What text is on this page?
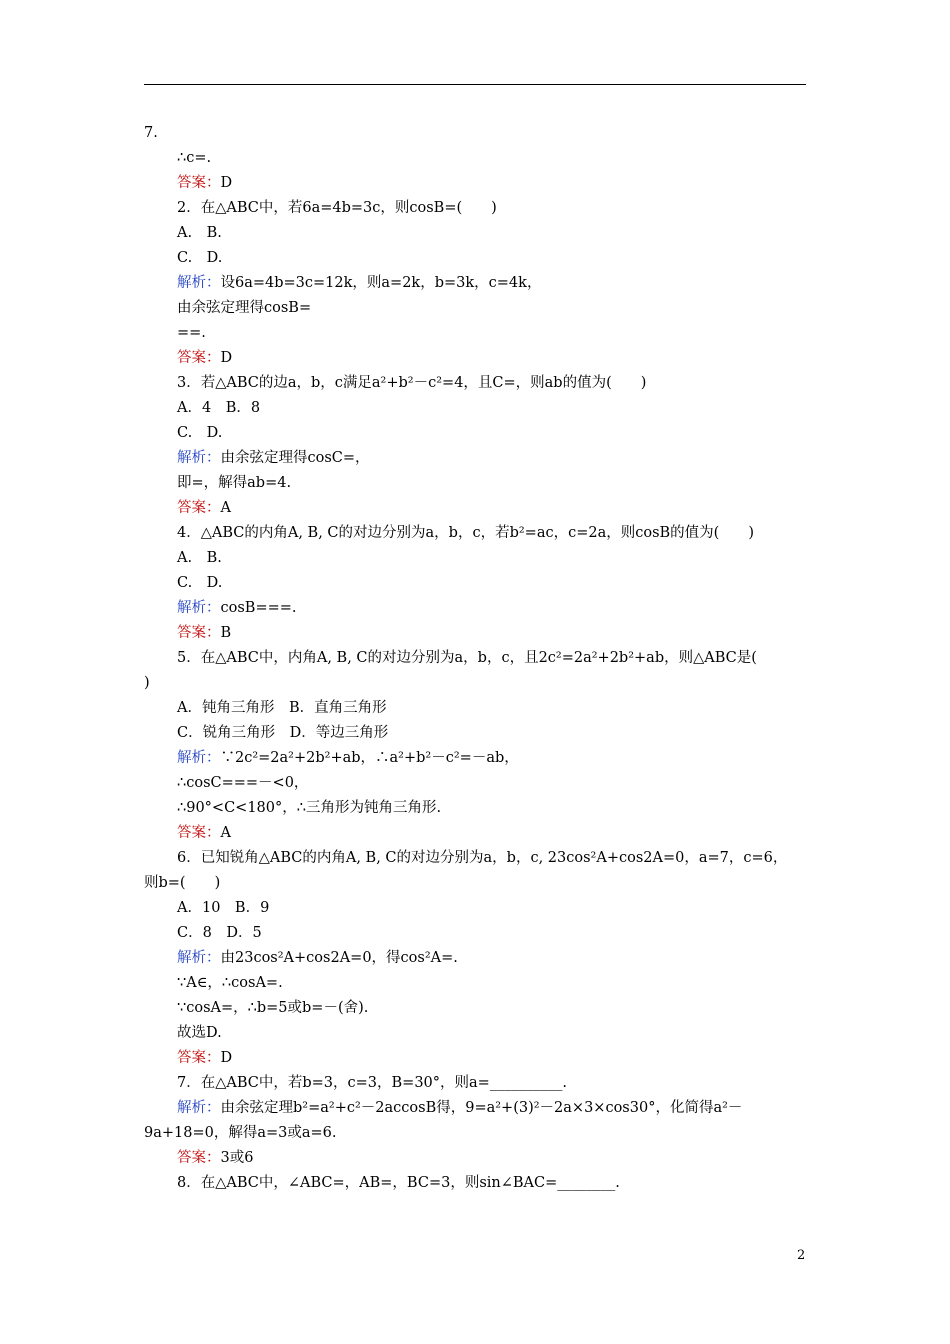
7.
∴c=.
答案：D
2．在△ABC中，若6a=4b=3c，则cosB=(　　)
A.　B.
C.　D.
解析：设6a=4b=3c=12k，则a=2k，b=3k，c=4k，
由余弦定理得cosB=
==.
答案：D
3．若△ABC的边a，b，c满足a²+b²－c²=4，且C=，则ab的值为(　　)
A．4　B．8
C.　D.
解析：由余弦定理得cosC=，
即=，解得ab=4.
答案：A
4．△ABC的内角A, B, C的对边分别为a，b，c，若b²=ac，c=2a，则cosB的值为(　　)
A.　B.
C.　D.
解析：cosB===.
答案：B
5．在△ABC中，内角A, B, C的对边分别为a，b，c，且2c²=2a²+2b²+ab，则△ABC是(
)
A．钝角三角形　B．直角三角形
C．锐角三角形　D．等边三角形
解析：∵2c²=2a²+2b²+ab，∴a²+b²－c²=－ab，
∴cosC===－<0，
∴90°<C<180°，∴三角形为钝角三角形.
答案：A
6．已知锐角△ABC的内角A, B, C的对边分别为a，b，c, 23cos²A+cos2A=0，a=7，c=6，
则b=(　　)
A．10　B．9
C．8　D．5
解析：由23cos²A+cos2A=0，得cos²A=.
∵A∈，∴cosA=.
∵cosA=，∴b=5或b=－(舍).
故选D.
答案：D
7．在△ABC中，若b=3，c=3，B=30°，则a=__________.
解析：由余弦定理b²=a²+c²－2accosB得，9=a²+(3)²－2a×3×cos30°，化简得a²－
9a+18=0，解得a=3或a=6.
答案：3或6
8．在△ABC中，∠ABC=，AB=，BC=3，则sin∠BAC=________.
2
